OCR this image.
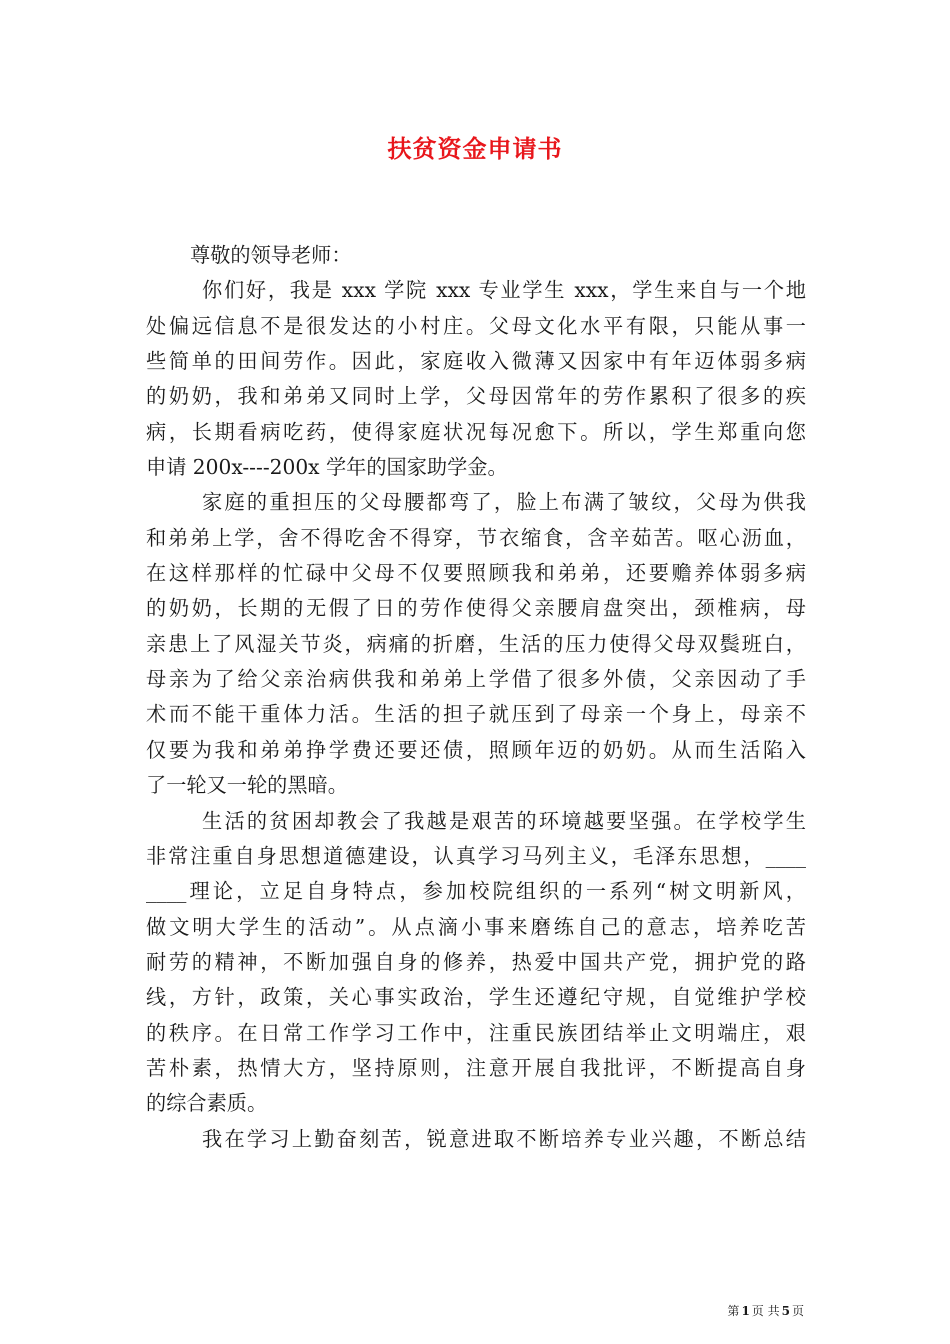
扶贫资金申请书
尊敬的领导老师：
你们好，我是 xxx 学院 xxx 专业学生 xxx，学生来自与一个地
处偏远信息不是很发达的小村庄。父母文化水平有限，只能从事一
些简单的田间劳作。因此，家庭收入微薄又因家中有年迈体弱多病
的奶奶，我和弟弟又同时上学，父母因常年的劳作累积了很多的疾
病，长期看病吃药，使得家庭状况每况愈下。所以，学生郑重向您
申请 200x----200x 学年的国家助学金。
家庭的重担压的父母腰都弯了，脸上布满了皱纹，父母为供我
和弟弟上学，舍不得吃舍不得穿，节衣缩食，含辛茹苦。呕心沥血，
在这样那样的忙碌中父母不仅要照顾我和弟弟，还要赡养体弱多病
的奶奶，长期的无假了日的劳作使得父亲腰肩盘突出，颈椎病，母
亲患上了风湿关节炎，病痛的折磨，生活的压力使得父母双鬓班白，
母亲为了给父亲治病供我和弟弟上学借了很多外债，父亲因动了手
术而不能干重体力活。生活的担子就压到了母亲一个身上，母亲不
仅要为我和弟弟挣学费还要还债，照顾年迈的奶奶。从而生活陷入
了一轮又一轮的黑暗。
生活的贫困却教会了我越是艰苦的环境越要坚强。在学校学生
非常注重自身思想道德建设，认真学习马列主义，毛泽东思想，____
____理论，立足自身特点，参加校院组织的一系列“树文明新风，
做文明大学生的活动”。从点滴小事来磨练自己的意志，培养吃苦
耐劳的精神，不断加强自身的修养，热爱中国共产党，拥护党的路
线，方针，政策，关心事实政治，学生还遵纪守规，自觉维护学校
的秩序。在日常工作学习工作中，注重民族团结举止文明端庄，艰
苦朴素，热情大方，坚持原则，注意开展自我批评，不断提高自身
的综合素质。
我在学习上勤奋刻苦，锐意进取不断培养专业兴趣，不断总结
第 1 页 共 5 页
